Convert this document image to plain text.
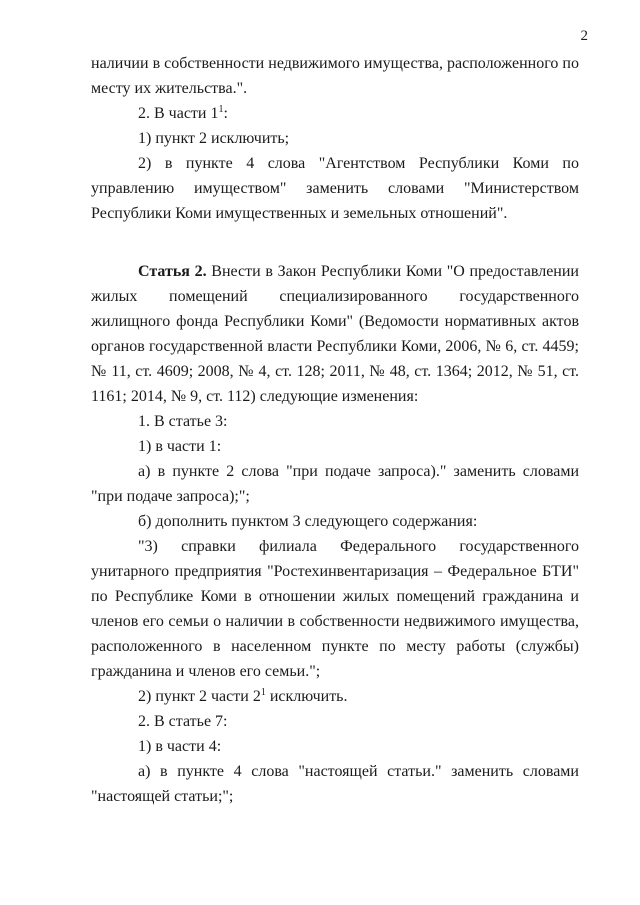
2

наличии в собственности недвижимого имущества, расположенного по месту их жительства.".

2. В части $1^1$:

1) пункт 2 исключить;

2) в пункте 4 слова "Агентством Республики Коми по управлению имуществом" заменить словами "Министерством Республики Коми имущественных и земельных отношений".

Статья 2. Внести в Закон Республики Коми "О предоставлении жилых помещений специализированного государственного жилищного фонда Республики Коми" (Ведомости нормативных актов органов государственной власти Республики Коми, 2006, № 6, ст. 4459; № 11, ст. 4609; 2008, № 4, ст. 128; 2011, № 48, ст. 1364; 2012, № 51, ст. 1161; 2014, № 9, ст. 112) следующие изменения:

1. В статье 3:

1) в части 1:

а) в пункте 2 слова "при подаче запроса)." заменить словами "при подаче запроса);";

б) дополнить пунктом 3 следующего содержания:

"3) справки филиала Федерального государственного унитарного предприятия "Ростехинвентаризация – Федеральное БТИ" по Республике Коми в отношении жилых помещений гражданина и членов его семьи о наличии в собственности недвижимого имущества, расположенного в населенном пункте по месту работы (службы) гражданина и членов его семьи.";

2) пункт 2 части $2^1$ исключить.

2. В статье 7:

1) в части 4:

а) в пункте 4 слова "настоящей статьи." заменить словами "настоящей статьи;";
